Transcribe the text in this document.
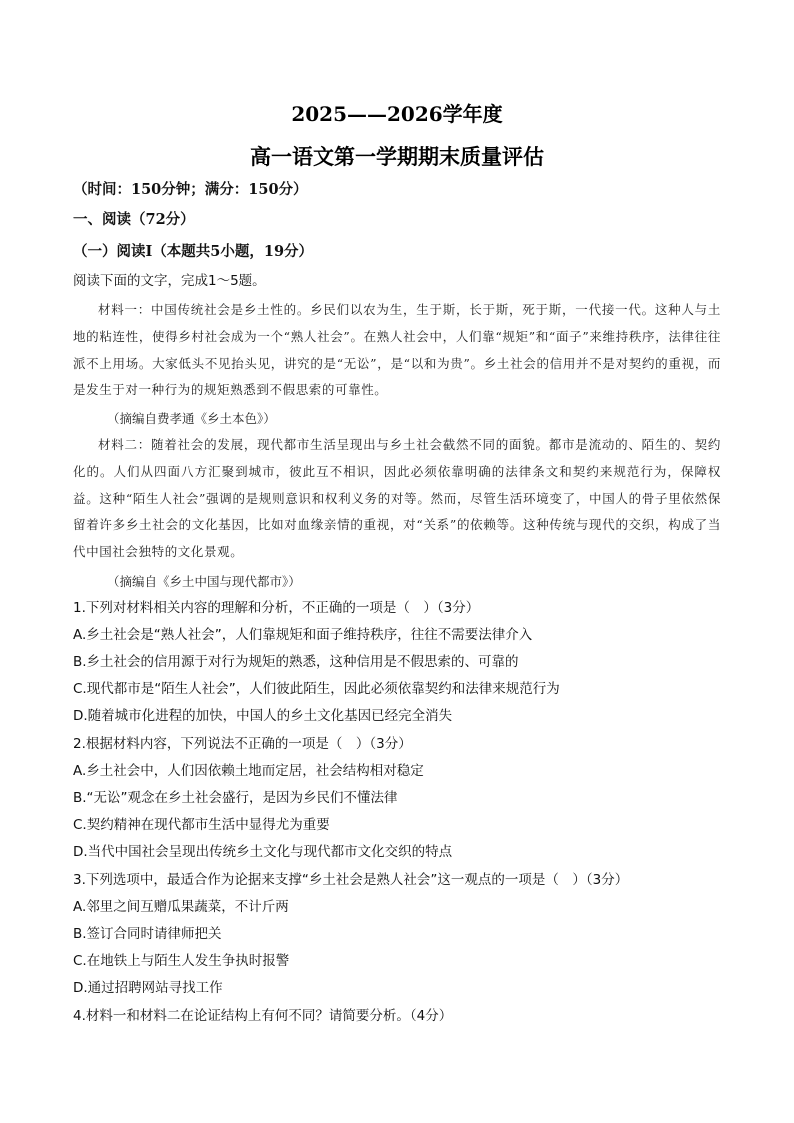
2025——2026学年度
高一语文第一学期期末质量评估
（时间：150分钟；满分：150分）
一、阅读（72分）
（一）阅读Ⅰ（本题共5小题，19分）
阅读下面的文字，完成1～5题。
材料一：中国传统社会是乡土性的。乡民们以农为生，生于斯，长于斯，死于斯，一代接一代。这种人与土地的粘连性，使得乡村社会成为一个“熟人社会”。在熟人社会中，人们靠“规矩”和“面子”来维持秩序，法律往往派不上用场。大家低头不见抬头见，讲究的是“无讼”，是“以和为贵”。乡土社会的信用并不是对契约的重视，而是发生于对一种行为的规矩熟悉到不假思索的可靠性。
（摘编自费孝通《乡土本色》）
材料二：随着社会的发展，现代都市生活呈现出与乡土社会截然不同的面貌。都市是流动的、陌生的、契约化的。人们从四面八方汇聚到城市，彼此互不相识，因此必须依靠明确的法律条文和契约来规范行为，保障权益。这种“陌生人社会”强调的是规则意识和权利义务的对等。然而，尽管生活环境变了，中国人的骨子里依然保留着许多乡土社会的文化基因，比如对血缘亲情的重视，对“关系”的依赖等。这种传统与现代的交织，构成了当代中国社会独特的文化景观。
（摘编自《乡土中国与现代都市》）
1.下列对材料相关内容的理解和分析，不正确的一项是（　）（3分）
A.乡土社会是“熟人社会”，人们靠规矩和面子维持秩序，往往不需要法律介入
B.乡土社会的信用源于对行为规矩的熟悉，这种信用是不假思索的、可靠的
C.现代都市是“陌生人社会”，人们彼此陌生，因此必须依靠契约和法律来规范行为
D.随着城市化进程的加快，中国人的乡土文化基因已经完全消失
2.根据材料内容，下列说法不正确的一项是（　）（3分）
A.乡土社会中，人们因依赖土地而定居，社会结构相对稳定
B.“无讼”观念在乡土社会盛行，是因为乡民们不懂法律
C.契约精神在现代都市生活中显得尤为重要
D.当代中国社会呈现出传统乡土文化与现代都市文化交织的特点
3.下列选项中，最适合作为论据来支撑“乡土社会是熟人社会”这一观点的一项是（　）（3分）
A.邻里之间互赠瓜果蔬菜，不计斤两
B.签订合同时请律师把关
C.在地铁上与陌生人发生争执时报警
D.通过招聘网站寻找工作
4.材料一和材料二在论证结构上有何不同？请简要分析。（4分）
